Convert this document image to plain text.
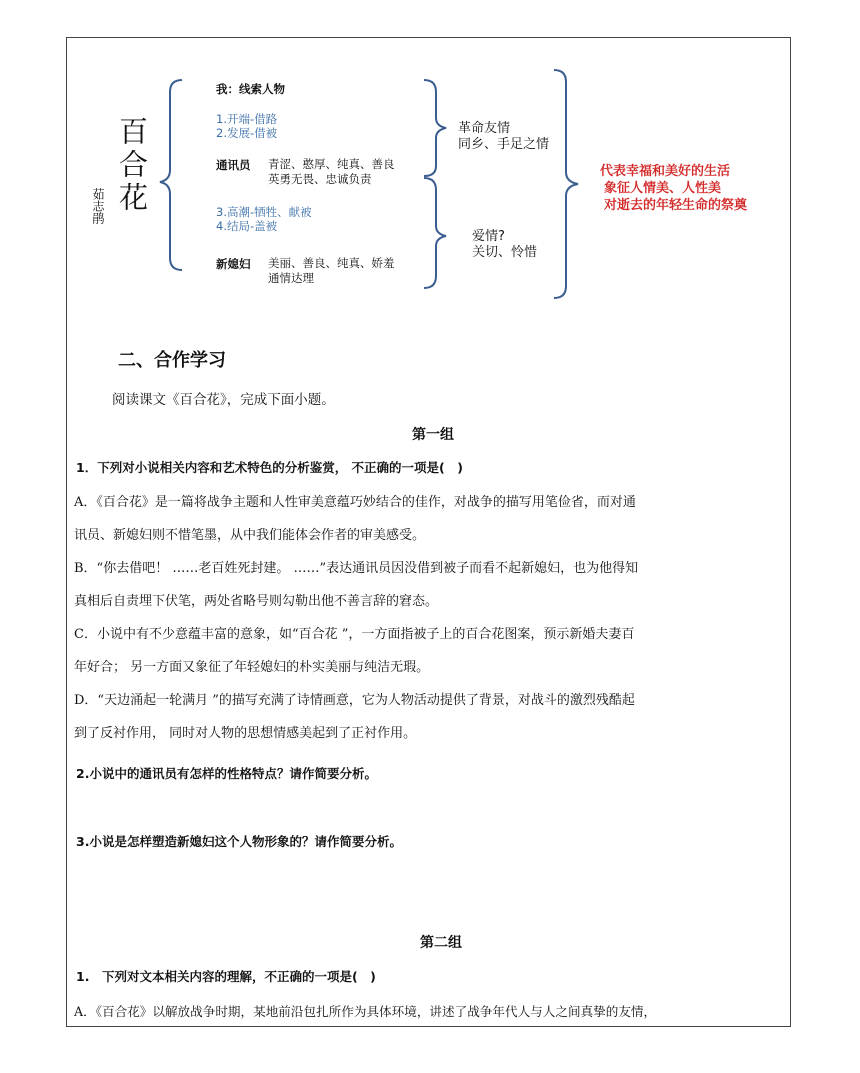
百合花
茹志鹃
我：线索人物
1.开端-借路
2.发展-借被
通讯员 青涩、憨厚、纯真、善良
英勇无畏、忠诚负责
3.高潮-牺牲、献被
4.结局-盖被
新媳妇 美丽、善良、纯真、娇羞
通情达理
革命友情
同乡、手足之情
爱情?
关切、怜惜
代表幸福和美好的生活
象征人情美、人性美
对逝去的年轻生命的祭奠
二、合作学习
阅读课文《百合花》，完成下面小题。
第一组
1．下列对小说相关内容和艺术特色的分析鉴赏， 不正确的一项是(　)
A．《百合花》是一篇将战争主题和人性审美意蕴巧妙结合的佳作，对战争的描写用笔俭省，而对通
讯员、新媳妇则不惜笔墨，从中我们能体会作者的审美感受。
B．“你去借吧！ ……老百姓死封建。 ……”表达通讯员因没借到被子而看不起新媳妇，也为他得知
真相后自责埋下伏笔，两处省略号则勾勒出他不善言辞的窘态。
C．小说中有不少意蕴丰富的意象，如“百合花 ”，一方面指被子上的百合花图案，预示新婚夫妻百
年好合； 另一方面又象征了年轻媳妇的朴实美丽与纯洁无瑕。
D．“天边涌起一轮满月 ”的描写充满了诗情画意，它为人物活动提供了背景，对战斗的激烈残酷起
到了反衬作用， 同时对人物的思想情感美起到了正衬作用。
2.小说中的通讯员有怎样的性格特点？请作简要分析。
3.小说是怎样塑造新媳妇这个人物形象的？请作简要分析。
第二组
1.　下列对文本相关内容的理解，不正确的一项是(　)
A．《百合花》以解放战争时期，某地前沿包扎所作为具体环境，讲述了战争年代人与人之间真挚的友情，
